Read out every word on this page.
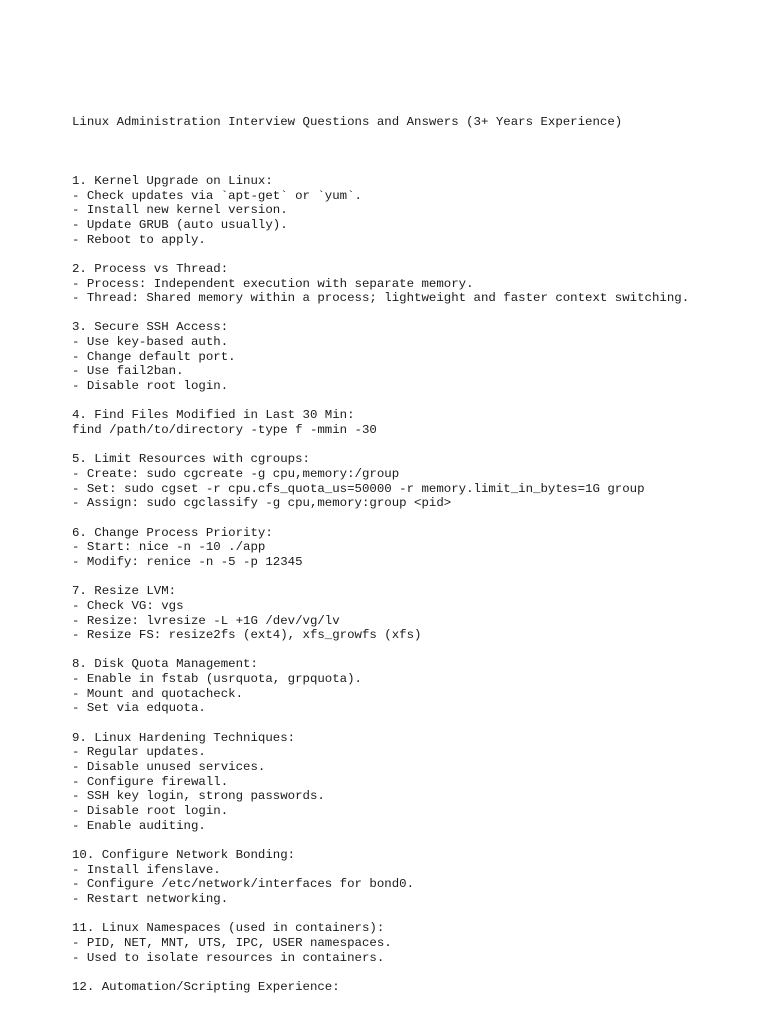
Linux Administration Interview Questions and Answers (3+ Years Experience)

1. Kernel Upgrade on Linux:
- Check updates via `apt-get` or `yum`.
- Install new kernel version.
- Update GRUB (auto usually).
- Reboot to apply.
2. Process vs Thread:
- Process: Independent execution with separate memory.
- Thread: Shared memory within a process; lightweight and faster context switching.
3. Secure SSH Access:
- Use key-based auth.
- Change default port.
- Use fail2ban.
- Disable root login.
4. Find Files Modified in Last 30 Min:
find /path/to/directory -type f -mmin -30
5. Limit Resources with cgroups:
- Create: sudo cgcreate -g cpu,memory:/group
- Set: sudo cgset -r cpu.cfs_quota_us=50000 -r memory.limit_in_bytes=1G group
- Assign: sudo cgclassify -g cpu,memory:group <pid>
6. Change Process Priority:
- Start: nice -n -10 ./app
- Modify: renice -n -5 -p 12345
7. Resize LVM:
- Check VG: vgs
- Resize: lvresize -L +1G /dev/vg/lv
- Resize FS: resize2fs (ext4), xfs_growfs (xfs)
8. Disk Quota Management:
- Enable in fstab (usrquota, grpquota).
- Mount and quotacheck.
- Set via edquota.
9. Linux Hardening Techniques:
- Regular updates.
- Disable unused services.
- Configure firewall.
- SSH key login, strong passwords.
- Disable root login.
- Enable auditing.
10. Configure Network Bonding:
- Install ifenslave.
- Configure /etc/network/interfaces for bond0.
- Restart networking.
11. Linux Namespaces (used in containers):
- PID, NET, MNT, UTS, IPC, USER namespaces.
- Used to isolate resources in containers.
12. Automation/Scripting Experience:
